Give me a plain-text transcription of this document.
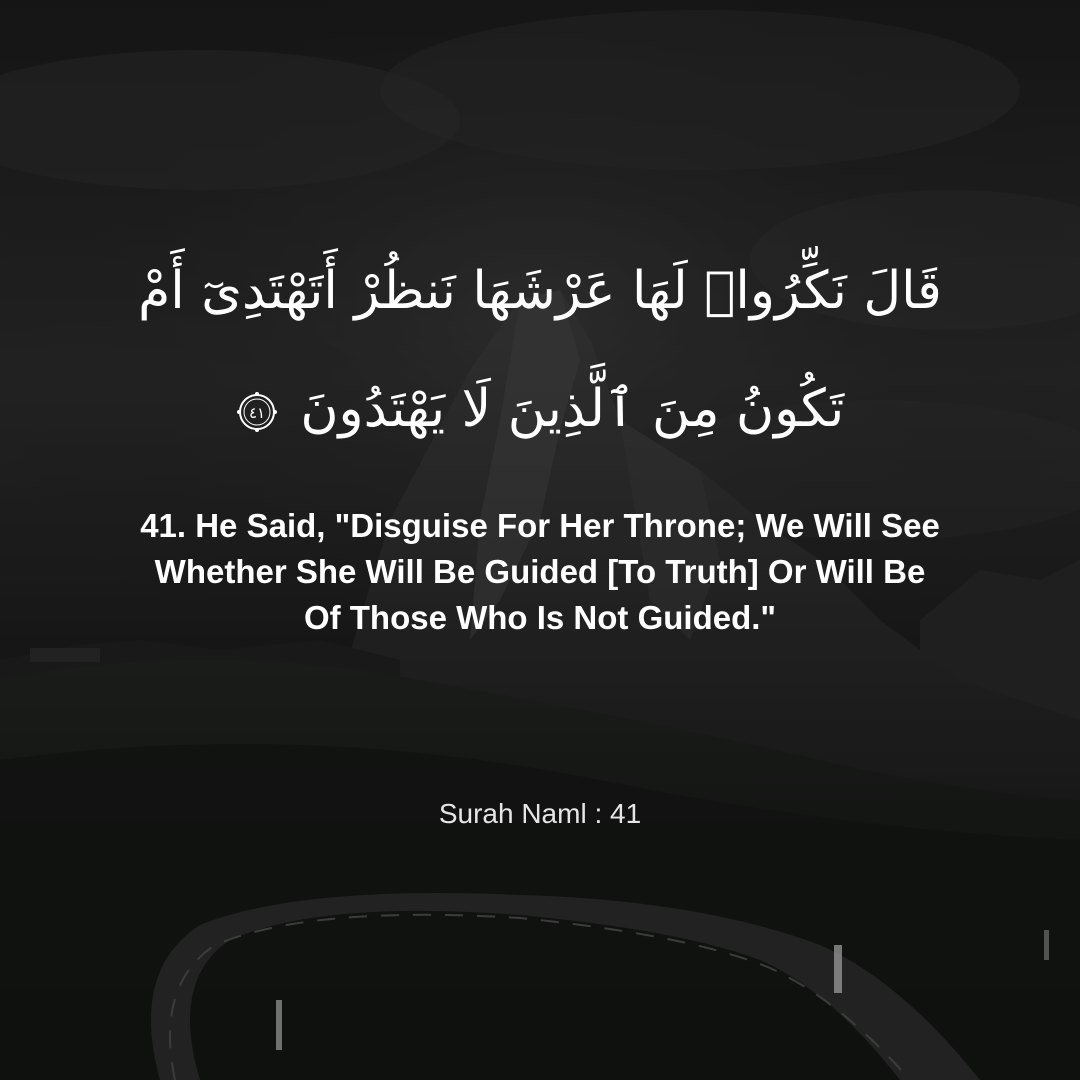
قَالَ نَكِّرُوا۟ لَهَا عَرْشَهَا نَنظُرْ أَتَهْتَدِىٓ أَمْ
تَكُونُ مِنَ ٱلَّذِينَ لَا يَهْتَدُونَ
٤١
41. He Said, "Disguise For Her Throne; We Will See Whether She Will Be Guided [To Truth] Or Will Be Of Those Who Is Not Guided."
Surah Naml : 41
